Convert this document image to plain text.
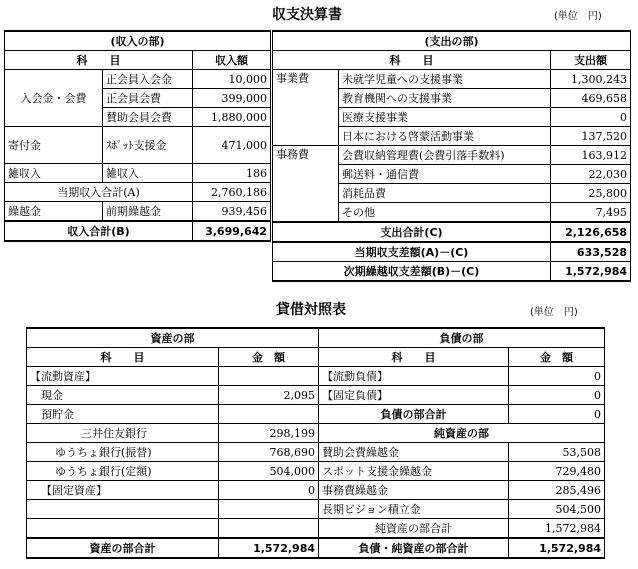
収支決算書	(単位　円)
(収入の部)		
科　　目		収入額
入会金・会費	正会員入会金	10,000
	正会員会費	399,000
	賛助会員会費	1,880,000
寄付金	ｽﾎﾟｯﾄ支援金	471,000
雑収入	雑収入	186
当期収入合計(A)		2,760,186
繰越金	前期繰越金	939,456
収入合計(B)		3,699,642
(支出の部)		
科　　目		支出額
事業費	未就学児童への支援事業	1,300,243
	教育機関への支援事業	469,658
	医療支援事業	0
	日本における啓蒙活動事業	137,520
事務費	会費収納管理費(会費引落手数料)	163,912
	郵送料・通信費	22,030
	消耗品費	25,800
	その他	7,495
支出合計(C)		2,126,658
当期収支差額(A)－(C)		633,528
次期繰越収支差額(B)－(C)		1,572,984
貸借対照表	(単位　円)
資産の部	
科　　目	金　額
【流動資産】	
現金	2,095
預貯金	
三井住友銀行	298,199
ゆうちょ銀行(振替)	768,690
ゆうちょ銀行(定額)	504,000
【固定資産】	0

資産の部合計	1,572,984
負債の部	
科　　目	金　額
【流動負債】	0
【固定負債】	0
負債の部合計	0
純資産の部	
賛助会費繰越金	53,508
スポット支援金繰越金	729,480
事務費繰越金	285,496
長期ビジョン積立金	504,500
純資産の部合計	1,572,984
負債・純資産の部合計	1,572,984
